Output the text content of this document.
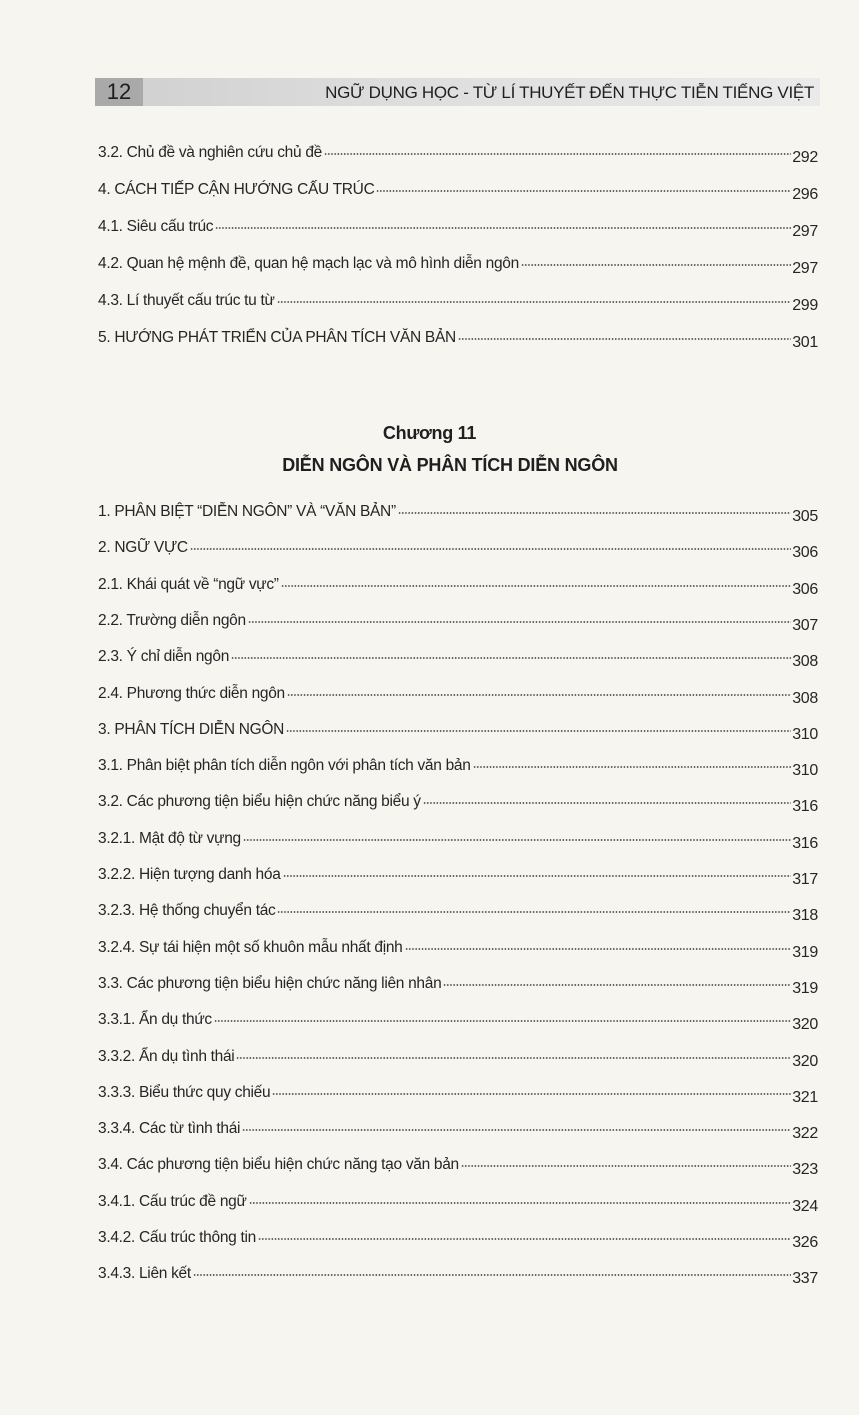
12	NGỮ DỤNG HỌC - TỪ LÍ THUYẾT ĐẾN THỰC TIỄN TIẾNG VIỆT
3.2. Chủ đề và nghiên cứu chủ đề	292
4. CÁCH TIẾP CẬN HƯỚNG CẤU TRÚC	296
4.1. Siêu cấu trúc	297
4.2. Quan hệ mệnh đề, quan hệ mạch lạc và mô hình diễn ngôn	297
4.3. Lí thuyết cấu trúc tu từ	299
5. HƯỚNG PHÁT TRIỂN CỦA PHÂN TÍCH VĂN BẢN	301
Chương 11
DIỄN NGÔN VÀ PHÂN TÍCH DIỄN NGÔN
1. PHÂN BIỆT “DIỄN NGÔN” VÀ “VĂN BẢN”	305
2. NGỮ VỰC	306
2.1. Khái quát về “ngữ vực”	306
2.2. Trường diễn ngôn	307
2.3. Ý chỉ diễn ngôn	308
2.4. Phương thức diễn ngôn	308
3. PHÂN TÍCH DIỄN NGÔN	310
3.1. Phân biệt phân tích diễn ngôn với phân tích văn bản	310
3.2. Các phương tiện biểu hiện chức năng biểu ý	316
3.2.1. Mật độ từ vựng	316
3.2.2. Hiện tượng danh hóa	317
3.2.3. Hệ thống chuyển tác	318
3.2.4. Sự tái hiện một số khuôn mẫu nhất định	319
3.3. Các phương tiện biểu hiện chức năng liên nhân	319
3.3.1. Ẩn dụ thức	320
3.3.2. Ẩn dụ tình thái	320
3.3.3. Biểu thức quy chiếu	321
3.3.4. Các từ tình thái	322
3.4. Các phương tiện biểu hiện chức năng tạo văn bản	323
3.4.1. Cấu trúc đề ngữ	324
3.4.2. Cấu trúc thông tin	326
3.4.3. Liên kết	337
